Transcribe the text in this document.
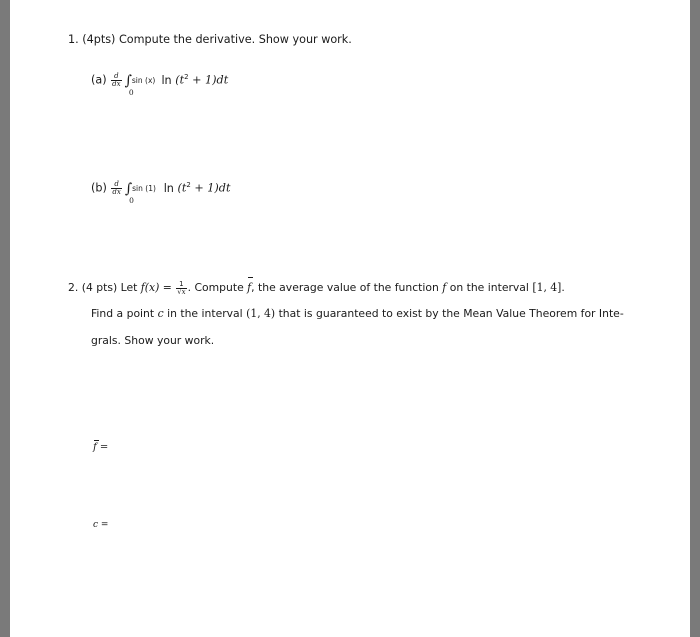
1. (4pts) Compute the derivative. Show your work.
$(a) \frac{d}{dx}$ ∫ sin (x)
0
$\ln (t^2 + 1)dt$
$(b) \frac{d}{dx}$ ∫ sin (1)
0
$\ln (t^2 + 1)dt$
2. (4 pts) Let $f(x) = \frac{1}{√x}$ . Compute f, the average value of the function f on the interval [1, 4].
Find a point c in the interval (1, 4) that is guaranteed to exist by the Mean Value Theorem for Inte-
grals. Show your work.
f =
c =
